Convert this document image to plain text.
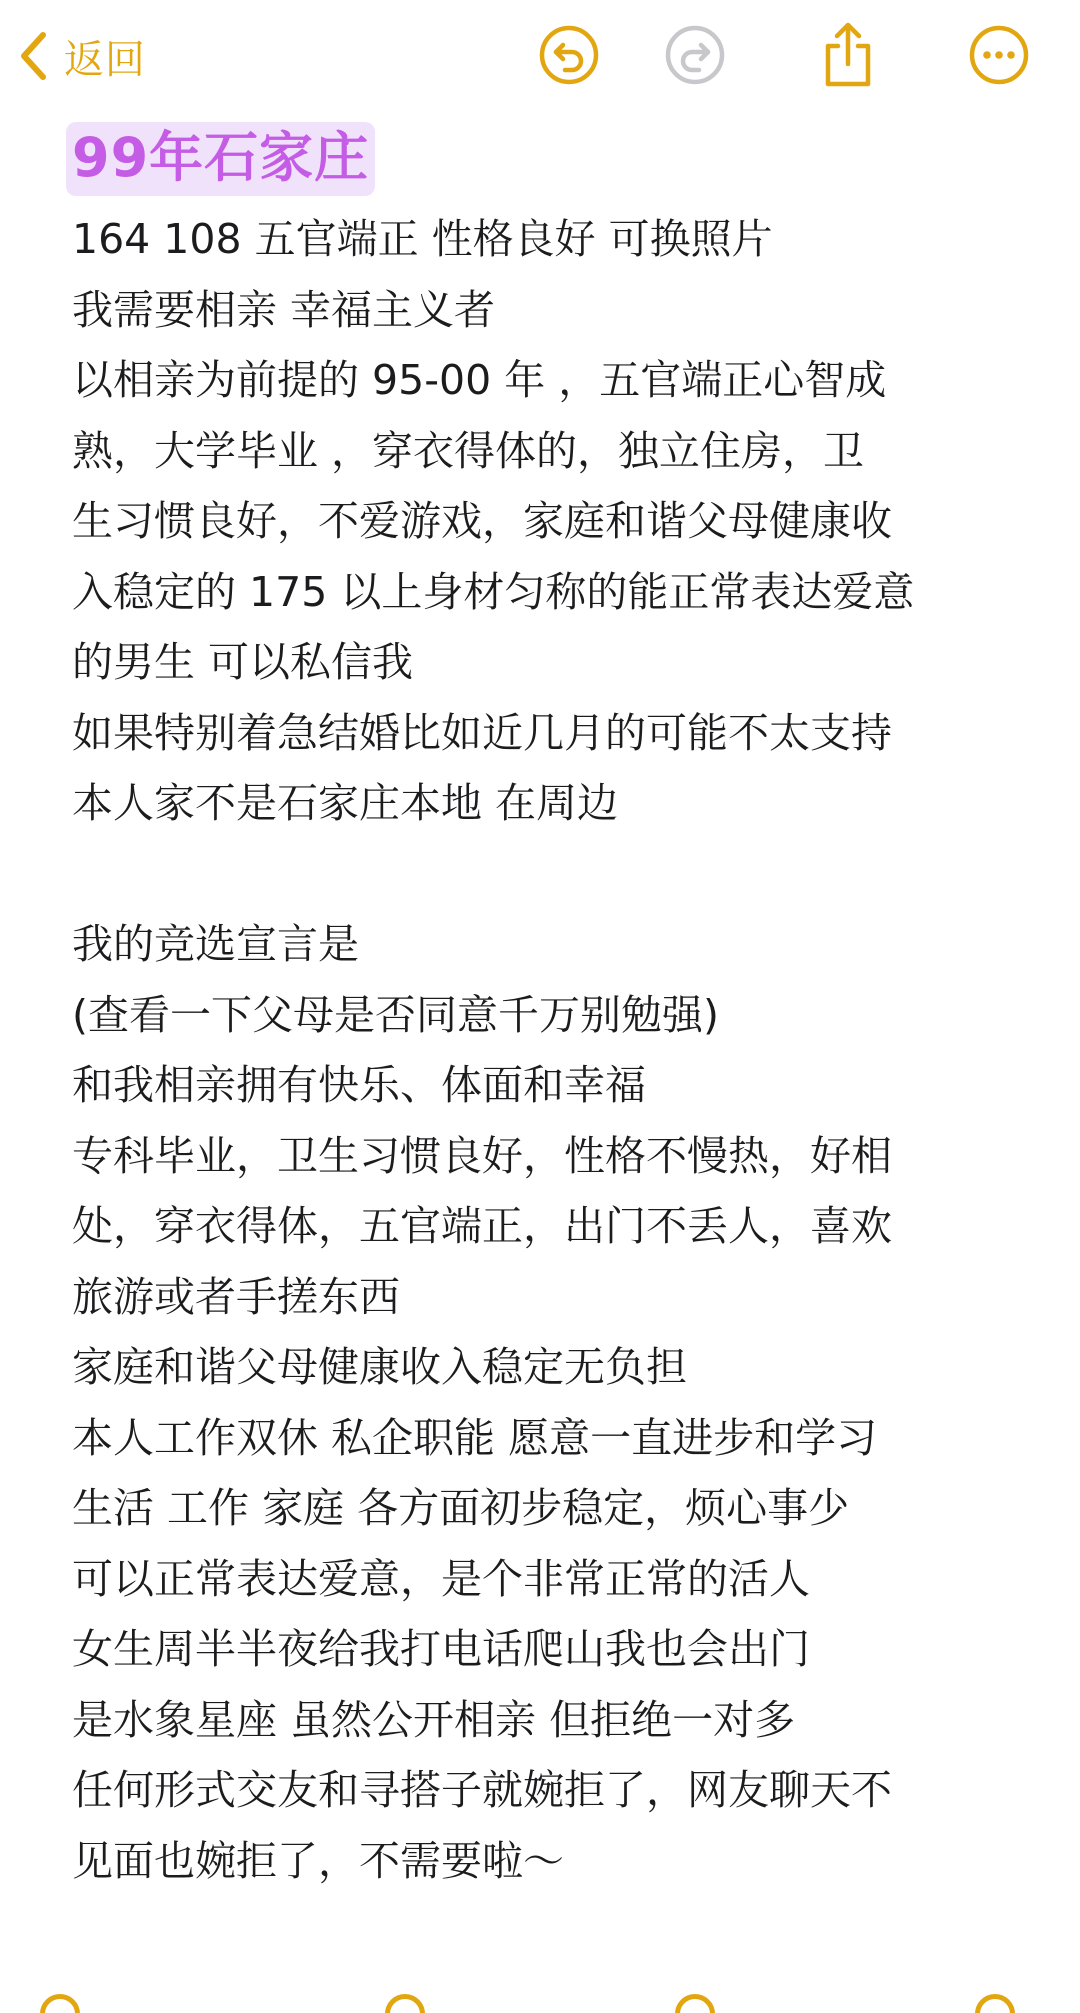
返回
99年石家庄
164 108 五官端正 性格良好 可换照片
我需要相亲 幸福主义者
以相亲为前提的 95-00 年 ，五官端正心智成
熟，大学毕业 ，穿衣得体的，独立住房，卫
生习惯良好，不爱游戏，家庭和谐父母健康收
入稳定的 175 以上身材匀称的能正常表达爱意
的男生 可以私信我
如果特别着急结婚比如近几月的可能不太支持
本人家不是石家庄本地 在周边
我的竞选宣言是
(查看一下父母是否同意千万别勉强)
和我相亲拥有快乐、体面和幸福
专科毕业，卫生习惯良好，性格不慢热，好相
处，穿衣得体，五官端正，出门不丢人，喜欢
旅游或者手搓东西
家庭和谐父母健康收入稳定无负担
本人工作双休 私企职能 愿意一直进步和学习
生活 工作 家庭 各方面初步稳定，烦心事少
可以正常表达爱意，是个非常正常的活人
女生周半半夜给我打电话爬山我也会出门
是水象星座 虽然公开相亲 但拒绝一对多
任何形式交友和寻搭子就婉拒了，网友聊天不
见面也婉拒了，不需要啦～
